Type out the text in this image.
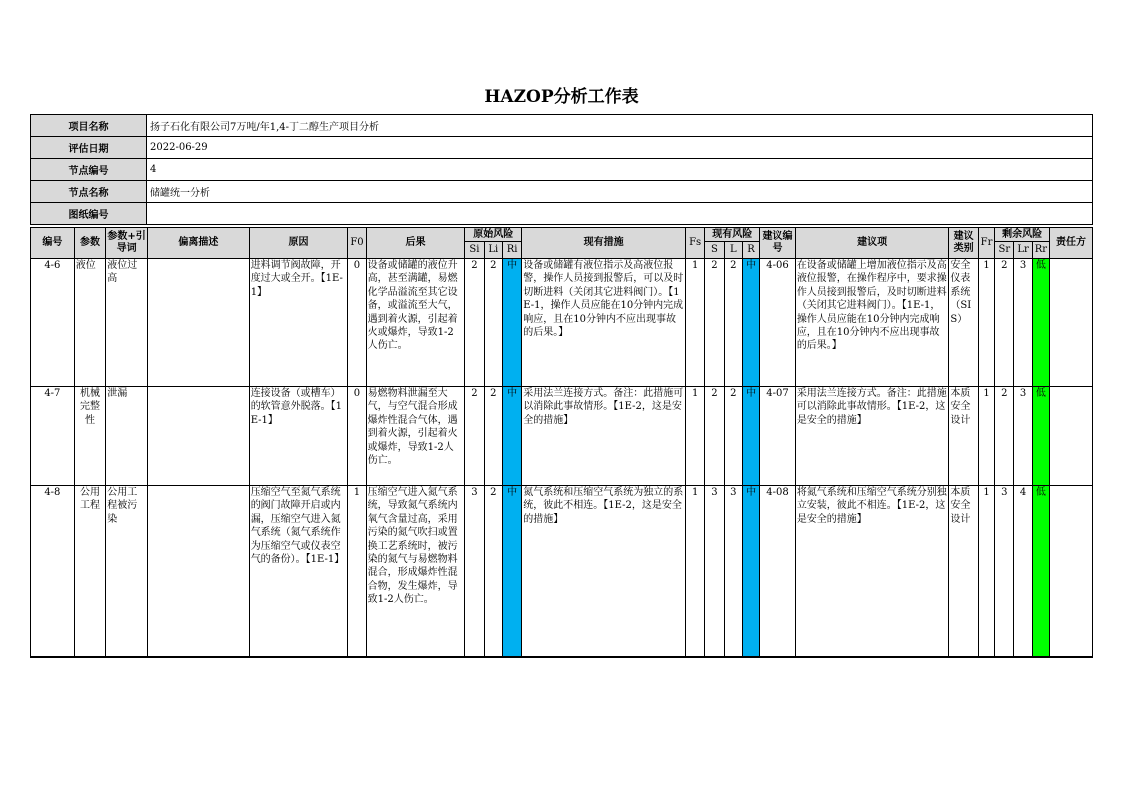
HAZOP分析工作表
项目名称	扬子石化有限公司7万吨/年1,4-丁二醇生产项目分析
评估日期	2022-06-29
节点编号	4
节点名称	储罐统一分析
图纸编号	
编号	参数	参数+引导词	偏离描述	原因	F0	后果	原始风险			现有措施	Fs	现有风险			建议编号	建议项	建议类别	Fr	剩余风险			责任方
							Si	Li	Ri			S	L	R					Sr	Lr	Rr	
4-6	液位	液位过高		进料调节阀故障，开度过大或全开。【1E-1】	0	设备或储罐的液位升高，甚至满罐，易燃化学品溢流至其它设备，或溢流至大气，遇到着火源，引起着火或爆炸，导致1-2人伤亡。	2	2	中	设备或储罐有液位指示及高液位报警，操作人员接到报警后，可以及时切断进料（关闭其它进料阀门）。【1E-1，操作人员应能在10分钟内完成响应，且在10分钟内不应出现事故的后果。】	1	2	2	中	4-06	在设备或储罐上增加液位指示及高液位报警，在操作程序中，要求操作人员接到报警后，及时切断进料（关闭其它进料阀门）。【1E-1，操作人员应能在10分钟内完成响应，且在10分钟内不应出现事故的后果。】	安全仪表系统（SIS）	1	2	3	低	
4-7	机械完整性	泄漏		连接设备（或槽车）的软管意外脱落。【1E-1】	0	易燃物料泄漏至大气，与空气混合形成爆炸性混合气体，遇到着火源，引起着火或爆炸，导致1-2人伤亡。	2	2	中	采用法兰连接方式。备注：此措施可以消除此事故情形。【1E-2，这是安全的措施】	1	2	2	中	4-07	采用法兰连接方式。备注：此措施可以消除此事故情形。【1E-2，这是安全的措施】	本质安全设计	1	2	3	低	
4-8	公用工程	公用工程被污染		压缩空气至氮气系统的阀门故障开启或内漏，压缩空气进入氮气系统（氮气系统作为压缩空气或仪表空气的备份）。【1E-1】	1	压缩空气进入氮气系统，导致氮气系统内氧气含量过高，采用污染的氮气吹扫或置换工艺系统时，被污染的氮气与易燃物料混合，形成爆炸性混合物，发生爆炸，导致1-2人伤亡。	3	2	中	氮气系统和压缩空气系统为独立的系统，彼此不相连。【1E-2，这是安全的措施】	1	3	3	中	4-08	将氮气系统和压缩空气系统分别独立安装，彼此不相连。【1E-2，这是安全的措施】	本质安全设计	1	3	4	低	
